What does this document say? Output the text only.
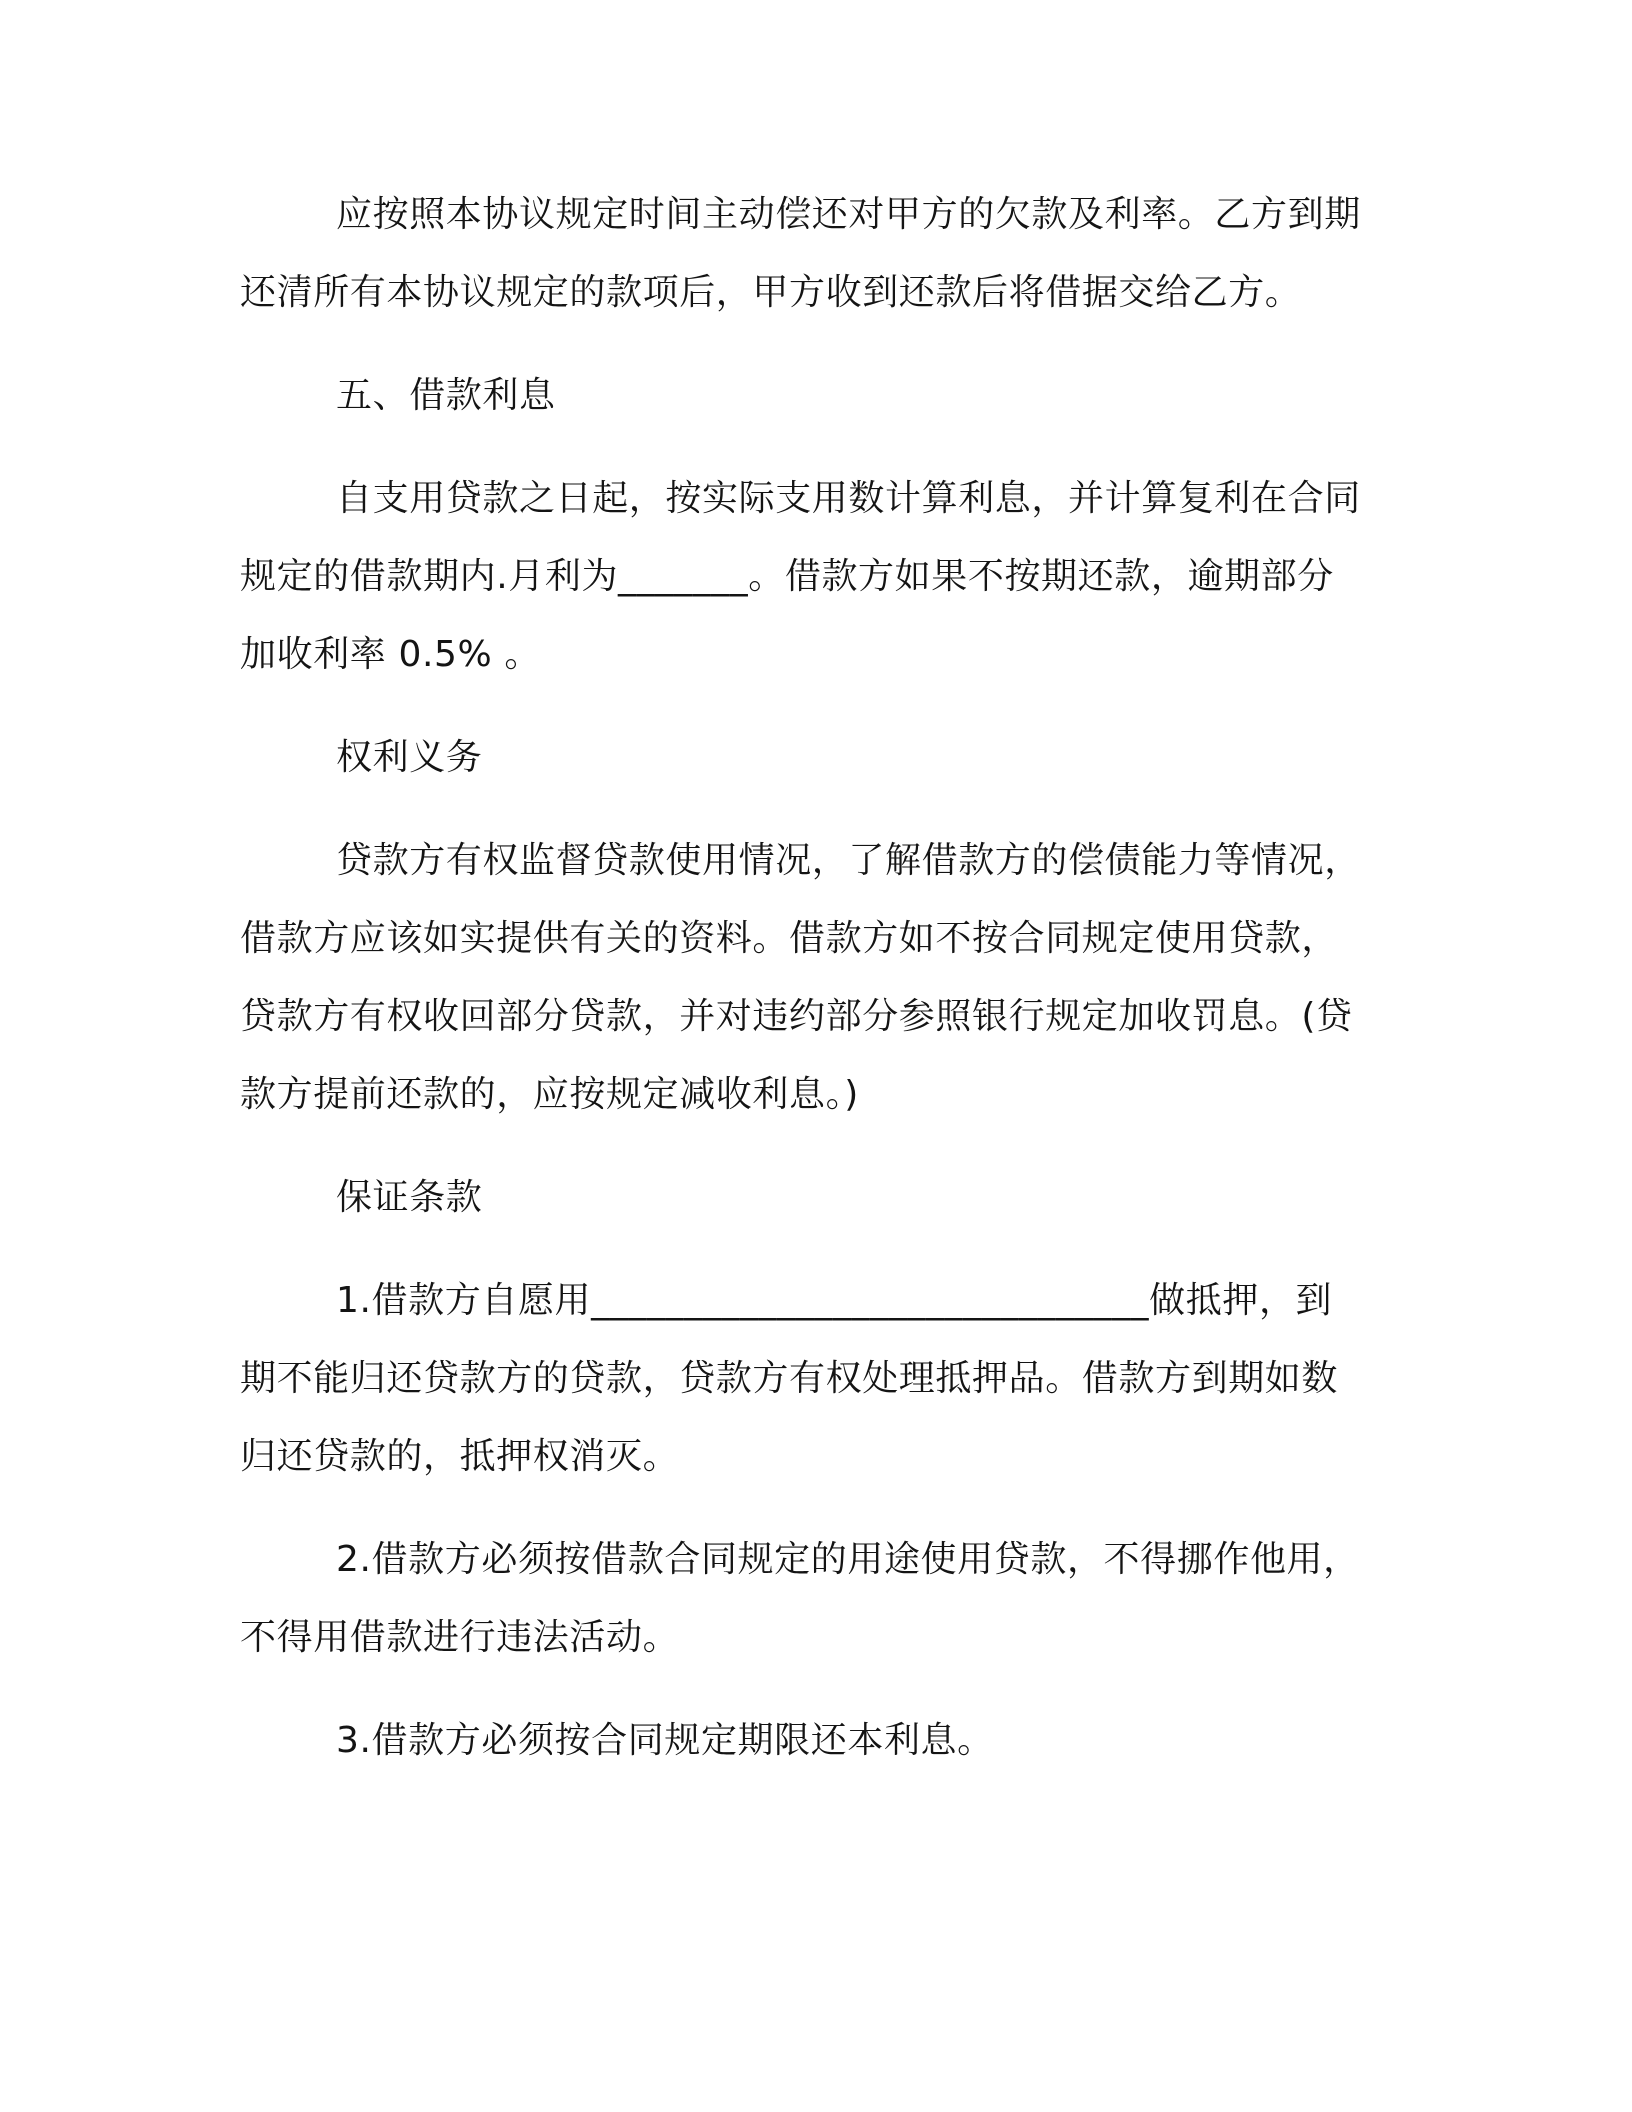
应按照本协议规定时间主动偿还对甲方的欠款及利率。乙方到期

还清所有本协议规定的款项后，甲方收到还款后将借据交给乙方。

五、借款利息

自支用贷款之日起，按实际支用数计算利息，并计算复利在合同

规定的借款期内.月利为_______。借款方如果不按期还款，逾期部分

加收利率 0.5% 。

权利义务

贷款方有权监督贷款使用情况，了解借款方的偿债能力等情况，

借款方应该如实提供有关的资料。借款方如不按合同规定使用贷款，

贷款方有权收回部分贷款，并对违约部分参照银行规定加收罚息。(贷

款方提前还款的，应按规定减收利息。)

保证条款

1.借款方自愿用______________________________做抵押，到

期不能归还贷款方的贷款，贷款方有权处理抵押品。借款方到期如数

归还贷款的，抵押权消灭。

2.借款方必须按借款合同规定的用途使用贷款，不得挪作他用，

不得用借款进行违法活动。

3.借款方必须按合同规定期限还本利息。
